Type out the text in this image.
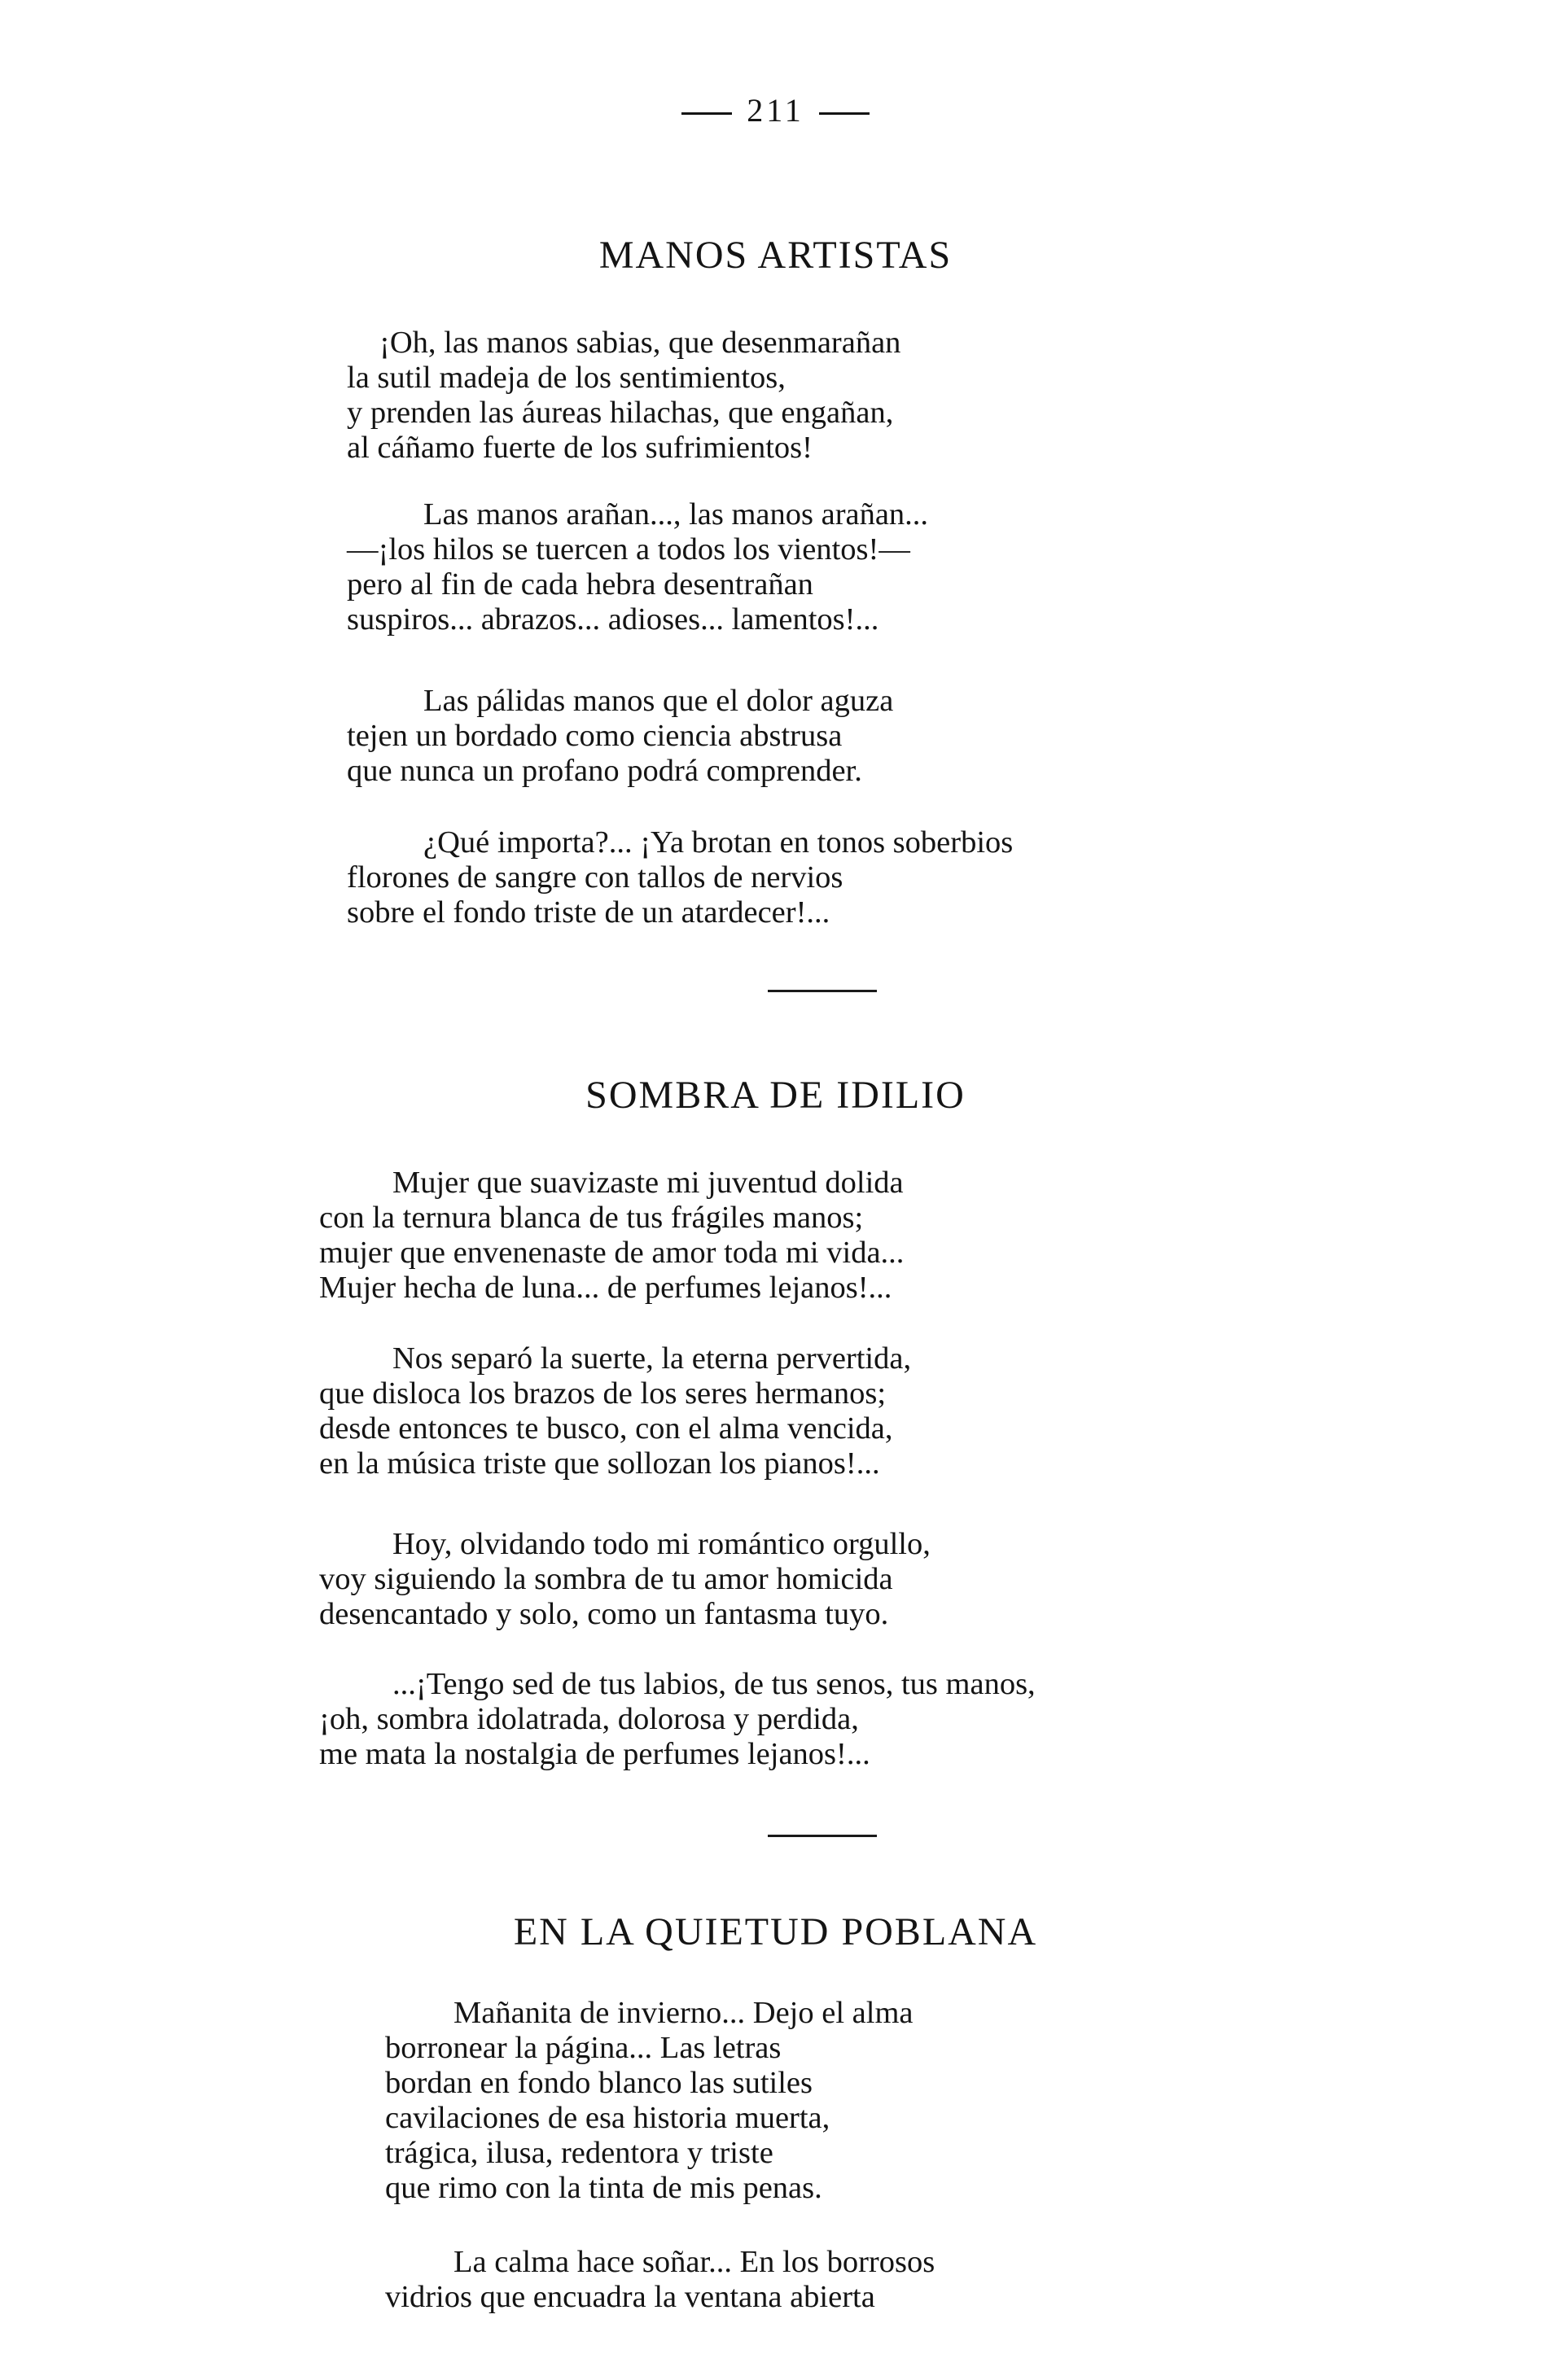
211
MANOS ARTISTAS
¡Oh, las manos sabias, que desenmarañan
la sutil madeja de los sentimientos,
y prenden las áureas hilachas, que engañan,
al cáñamo fuerte de los sufrimientos!
Las manos arañan..., las manos arañan...
—¡los hilos se tuercen a todos los vientos!—
pero al fin de cada hebra desentrañan
suspiros... abrazos... adioses... lamentos!...
Las pálidas manos que el dolor aguza
tejen un bordado como ciencia abstrusa
que nunca un profano podrá comprender.
¿Qué importa?... ¡Ya brotan en tonos soberbios
florones de sangre con tallos de nervios
sobre el fondo triste de un atardecer!...
SOMBRA DE IDILIO
Mujer que suavizaste mi juventud dolida
con la ternura blanca de tus frágiles manos;
mujer que envenenaste de amor toda mi vida...
Mujer hecha de luna... de perfumes lejanos!...
Nos separó la suerte, la eterna pervertida,
que disloca los brazos de los seres hermanos;
desde entonces te busco, con el alma vencida,
en la música triste que sollozan los pianos!...
Hoy, olvidando todo mi romántico orgullo,
voy siguiendo la sombra de tu amor homicida
desencantado y solo, como un fantasma tuyo.
...¡Tengo sed de tus labios, de tus senos, tus manos,
¡oh, sombra idolatrada, dolorosa y perdida,
me mata la nostalgia de perfumes lejanos!...
EN LA QUIETUD POBLANA
Mañanita de invierno... Dejo el alma
borronear la página... Las letras
bordan en fondo blanco las sutiles
cavilaciones de esa historia muerta,
trágica, ilusa, redentora y triste
que rimo con la tinta de mis penas.
La calma hace soñar... En los borrosos
vidrios que encuadra la ventana abierta
